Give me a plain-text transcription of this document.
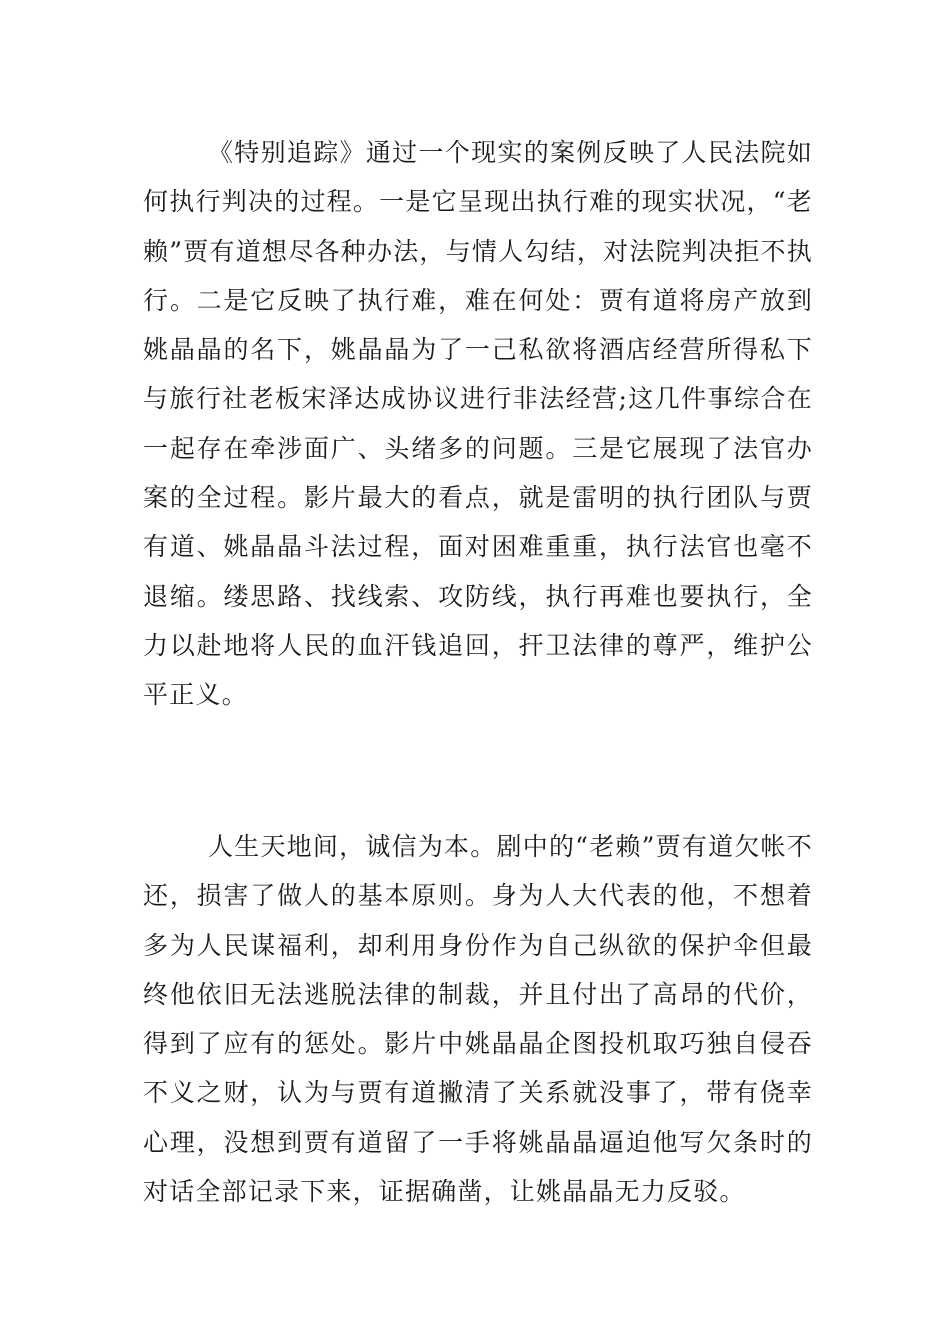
《特别追踪》通过一个现实的案例反映了人民法院如何执行判决的过程。一是它呈现出执行难的现实状况，“老赖”贾有道想尽各种办法，与情人勾结，对法院判决拒不执行。二是它反映了执行难，难在何处：贾有道将房产放到姚晶晶的名下，姚晶晶为了一己私欲将酒店经营所得私下与旅行社老板宋泽达成协议进行非法经营;这几件事综合在一起存在牵涉面广、头绪多的问题。三是它展现了法官办案的全过程。影片最大的看点，就是雷明的执行团队与贾有道、姚晶晶斗法过程，面对困难重重，执行法官也毫不退缩。缕思路、找线索、攻防线，执行再难也要执行，全力以赴地将人民的血汗钱追回，扞卫法律的尊严，维护公平正义。

人生天地间，诚信为本。剧中的“老赖”贾有道欠帐不还，损害了做人的基本原则。身为人大代表的他，不想着多为人民谋福利，却利用身份作为自己纵欲的保护伞但最终他依旧无法逃脱法律的制裁，并且付出了高昂的代价，得到了应有的惩处。影片中姚晶晶企图投机取巧独自侵吞不义之财，认为与贾有道撇清了关系就没事了，带有侥幸心理，没想到贾有道留了一手将姚晶晶逼迫他写欠条时的对话全部记录下来，证据确凿，让姚晶晶无力反驳。
